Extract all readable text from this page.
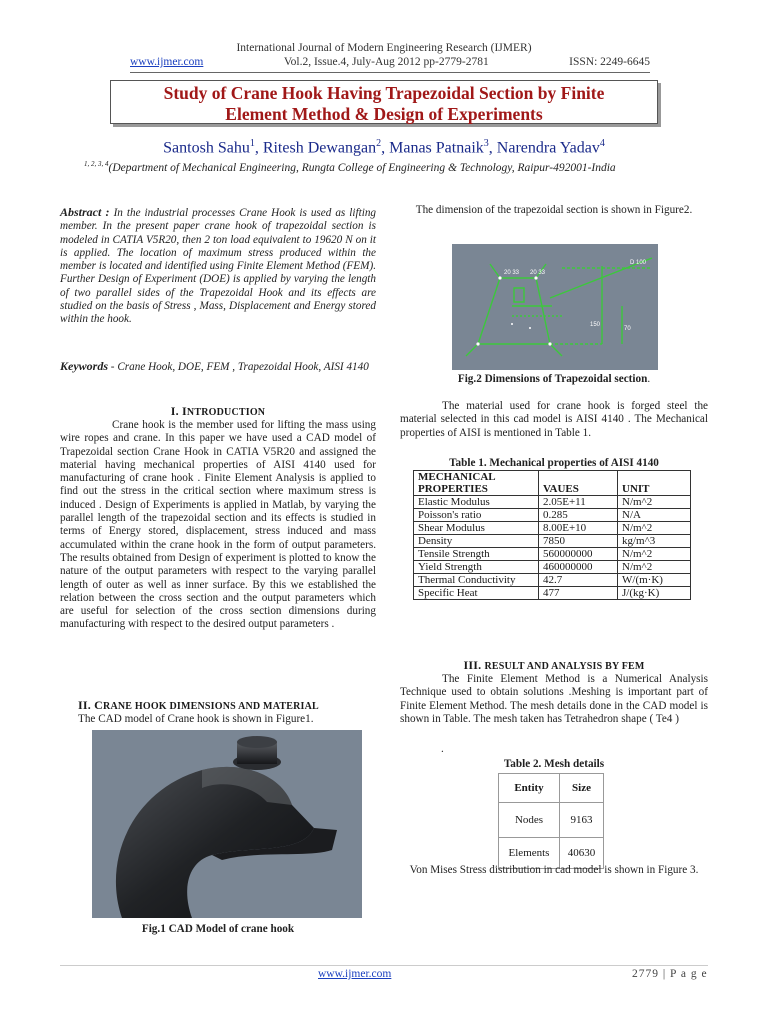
International Journal of Modern Engineering Research (IJMER)
www.ijmer.com	Vol.2, Issue.4, July-Aug 2012 pp-2779-2781	ISSN: 2249-6645
Study of Crane Hook Having Trapezoidal Section by Finite
Element Method & Design of Experiments
Santosh Sahu$^1$, Ritesh Dewangan$^2$, Manas Patnaik$^3$, Narendra Yadav$^4$
$^{1, 2, 3, 4}$(Department of Mechanical Engineering, Rungta College of Engineering & Technology, Raipur-492001-India
Abstract : In the industrial processes Crane Hook is used as lifting member. In the present paper crane hook of trapezoidal section is modeled in CATIA V5R20, then 2 ton load equivalent to 19620 N on it is applied. The location of maximum stress produced within the member is located and identified using Finite Element Method (FEM). Further Design of Experiment (DOE) is applied by varying the length of two parallel sides of the Trapezoidal Hook and its effects are studied on the basis of Stress , Mass, Displacement and Energy stored within the hook.
Keywords - Crane Hook, DOE, FEM , Trapezoidal Hook, AISI 4140
I. INTRODUCTION
Crane hook is the member used for lifting the mass using wire ropes and crane. In this paper we have used a CAD model of Trapezoidal section Crane Hook in CATIA V5R20 and assigned the material having mechanical properties of AISI 4140 used for manufacturing of crane hook . Finite Element Analysis is applied to find out the stress in the critical section where maximum stress is induced . Design of Experiments is applied in Matlab, by varying the parallel length of the trapezoidal section and its effects is studied in terms of Energy stored, displacement, stress induced and mass accumulated within the crane hook in the form of output parameters. The results obtained from Design of experiment is plotted to know the nature of the output parameters with respect to the varying parallel length of outer as well as inner surface. By this we established the relation between the cross section and the output parameters which are useful for selection of the cross section dimensions during manufacturing with respect to the desired output parameters .
II. CRANE HOOK DIMENSIONS AND MATERIAL
The CAD model of Crane hook is shown in Figure1.
Fig.1 CAD Model of crane hook
The dimension of the trapezoidal section is shown in Figure2.
D 100
150
70
20 33 20 33
Fig.2 Dimensions of Trapezoidal section.
The material used for crane hook is forged steel the material selected in this cad model is AISI 4140 . The Mechanical properties of AISI is mentioned in Table 1.
Table 1. Mechanical properties of AISI 4140
MECHANICAL PROPERTIES	VAUES	UNIT
Elastic Modulus	2.05E+11	N/m^2
Poisson's ratio	0.285	N/A
Shear Modulus	8.00E+10	N/m^2
Density	7850	kg/m^3
Tensile Strength	560000000	N/m^2
Yield Strength	460000000	N/m^2
Thermal Conductivity	42.7	W/(m·K)
Specific Heat	477	J/(kg·K)
III. RESULT AND ANALYSIS BY FEM
The Finite Element Method is a Numerical Analysis Technique used to obtain solutions .Meshing is important part of Finite Element Method. The mesh details done in the CAD model is shown in Table. The mesh taken has Tetrahedron shape ( Te4 )
.
Table 2. Mesh details
Entity	Size
Nodes	9163
Elements	40630
Von Mises Stress distribution in cad model is shown in Figure 3.
www.ijmer.com	2779 | P a g e
